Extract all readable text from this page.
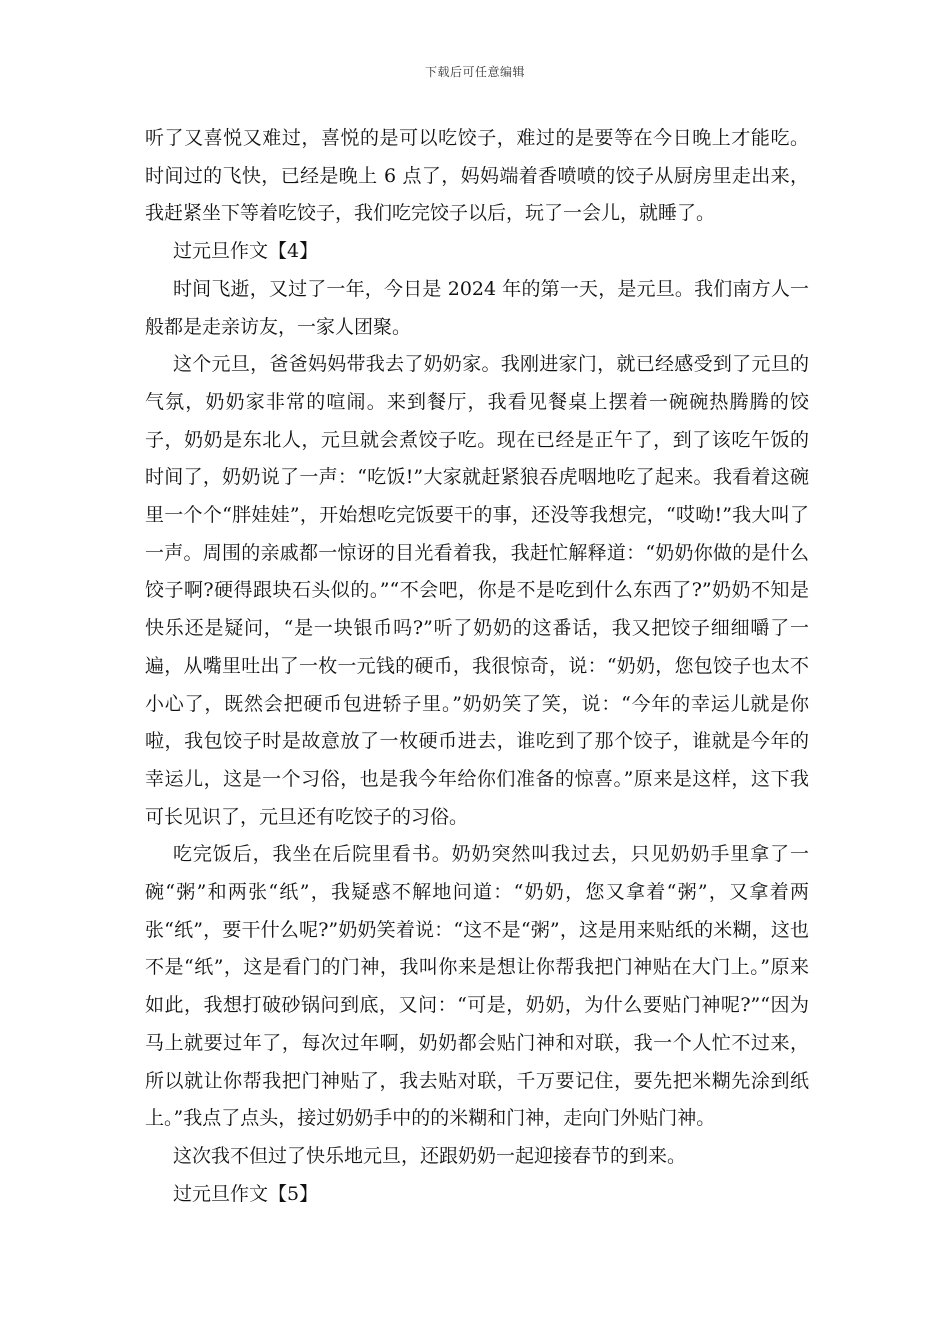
下载后可任意编辑

听了又喜悦又难过，喜悦的是可以吃饺子，难过的是要等在今日晚上才能吃。时间过的飞快，已经是晚上 6 点了，妈妈端着香喷喷的饺子从厨房里走出来，我赶紧坐下等着吃饺子，我们吃完饺子以后，玩了一会儿，就睡了。

过元旦作文【4】

时间飞逝，又过了一年，今日是 2024 年的第一天，是元旦。我们南方人一般都是走亲访友，一家人团聚。

这个元旦，爸爸妈妈带我去了奶奶家。我刚进家门，就已经感受到了元旦的气氛，奶奶家非常的喧闹。来到餐厅，我看见餐桌上摆着一碗碗热腾腾的饺子，奶奶是东北人，元旦就会煮饺子吃。现在已经是正午了，到了该吃午饭的时间了，奶奶说了一声：“吃饭!”大家就赶紧狼吞虎咽地吃了起来。我看着这碗里一个个“胖娃娃”，开始想吃完饭要干的事，还没等我想完，“哎呦!”我大叫了一声。周围的亲戚都一惊讶的目光看着我，我赶忙解释道：“奶奶你做的是什么饺子啊?硬得跟块石头似的。”“不会吧，你是不是吃到什么东西了?”奶奶不知是快乐还是疑问，“是一块银币吗?”听了奶奶的这番话，我又把饺子细细嚼了一遍，从嘴里吐出了一枚一元钱的硬币，我很惊奇，说：“奶奶，您包饺子也太不小心了，既然会把硬币包进轿子里。”奶奶笑了笑，说：“今年的幸运儿就是你啦，我包饺子时是故意放了一枚硬币进去，谁吃到了那个饺子，谁就是今年的幸运儿，这是一个习俗，也是我今年给你们准备的惊喜。”原来是这样，这下我可长见识了，元旦还有吃饺子的习俗。

吃完饭后，我坐在后院里看书。奶奶突然叫我过去，只见奶奶手里拿了一碗“粥”和两张“纸”，我疑惑不解地问道：“奶奶，您又拿着“粥”，又拿着两张“纸”，要干什么呢?”奶奶笑着说：“这不是“粥”，这是用来贴纸的米糊，这也不是“纸”，这是看门的门神，我叫你来是想让你帮我把门神贴在大门上。”原来如此，我想打破砂锅问到底，又问：“可是，奶奶，为什么要贴门神呢?”“因为马上就要过年了，每次过年啊，奶奶都会贴门神和对联，我一个人忙不过来，所以就让你帮我把门神贴了，我去贴对联，千万要记住，要先把米糊先涂到纸上。”我点了点头，接过奶奶手中的的米糊和门神，走向门外贴门神。

这次我不但过了快乐地元旦，还跟奶奶一起迎接春节的到来。

过元旦作文【5】
